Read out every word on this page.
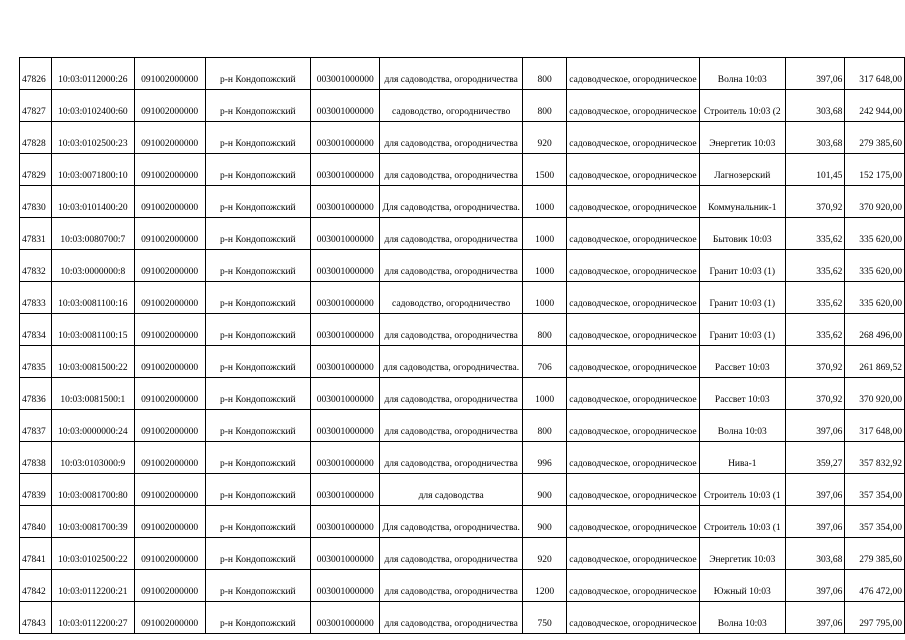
47826	10:03:0112000:26	091002000000	р-н Кондопожский	003001000000	для садоводства, огородничества	800	садоводческое, огородническое	Волна 10:03	397,06	317 648,00
47827	10:03:0102400:60	091002000000	р-н Кондопожский	003001000000	садоводство, огородничество	800	садоводческое, огородническое	Строитель 10:03 (2	303,68	242 944,00
47828	10:03:0102500:23	091002000000	р-н Кондопожский	003001000000	для садоводства, огородничества	920	садоводческое, огородническое	Энергетик 10:03	303,68	279 385,60
47829	10:03:0071800:10	091002000000	р-н Кондопожский	003001000000	для садоводства, огородничества	1500	садоводческое, огородническое	Лагнозерский	101,45	152 175,00
47830	10:03:0101400:20	091002000000	р-н Кондопожский	003001000000	Для садоводства, огородничества.	1000	садоводческое, огородническое	Коммунальник-1	370,92	370 920,00
47831	10:03:0080700:7	091002000000	р-н Кондопожский	003001000000	для садоводства, огородничества	1000	садоводческое, огородническое	Бытовик 10:03	335,62	335 620,00
47832	10:03:0000000:8	091002000000	р-н Кондопожский	003001000000	для садоводства, огородничества	1000	садоводческое, огородническое	Гранит 10:03 (1)	335,62	335 620,00
47833	10:03:0081100:16	091002000000	р-н Кондопожский	003001000000	садоводство, огородничество	1000	садоводческое, огородническое	Гранит 10:03 (1)	335,62	335 620,00
47834	10:03:0081100:15	091002000000	р-н Кондопожский	003001000000	для садоводства, огородничества	800	садоводческое, огородническое	Гранит 10:03 (1)	335,62	268 496,00
47835	10:03:0081500:22	091002000000	р-н Кондопожский	003001000000	для садоводства, огородничества.	706	садоводческое, огородническое	Рассвет 10:03	370,92	261 869,52
47836	10:03:0081500:1	091002000000	р-н Кондопожский	003001000000	для садоводства, огородничества	1000	садоводческое, огородническое	Рассвет 10:03	370,92	370 920,00
47837	10:03:0000000:24	091002000000	р-н Кондопожский	003001000000	для садоводства, огородничества	800	садоводческое, огородническое	Волна 10:03	397,06	317 648,00
47838	10:03:0103000:9	091002000000	р-н Кондопожский	003001000000	для садоводства, огородничества	996	садоводческое, огородническое	Нива-1	359,27	357 832,92
47839	10:03:0081700:80	091002000000	р-н Кондопожский	003001000000	для садоводства	900	садоводческое, огородническое	Строитель 10:03 (1	397,06	357 354,00
47840	10:03:0081700:39	091002000000	р-н Кондопожский	003001000000	Для садоводства, огородничества.	900	садоводческое, огородническое	Строитель 10:03 (1	397,06	357 354,00
47841	10:03:0102500:22	091002000000	р-н Кондопожский	003001000000	для садоводства, огородничества	920	садоводческое, огородническое	Энергетик 10:03	303,68	279 385,60
47842	10:03:0112200:21	091002000000	р-н Кондопожский	003001000000	для садоводства, огородничества	1200	садоводческое, огородническое	Южный 10:03	397,06	476 472,00
47843	10:03:0112200:27	091002000000	р-н Кондопожский	003001000000	для садоводства, огородничества	750	садоводческое, огородническое	Волна 10:03	397,06	297 795,00
